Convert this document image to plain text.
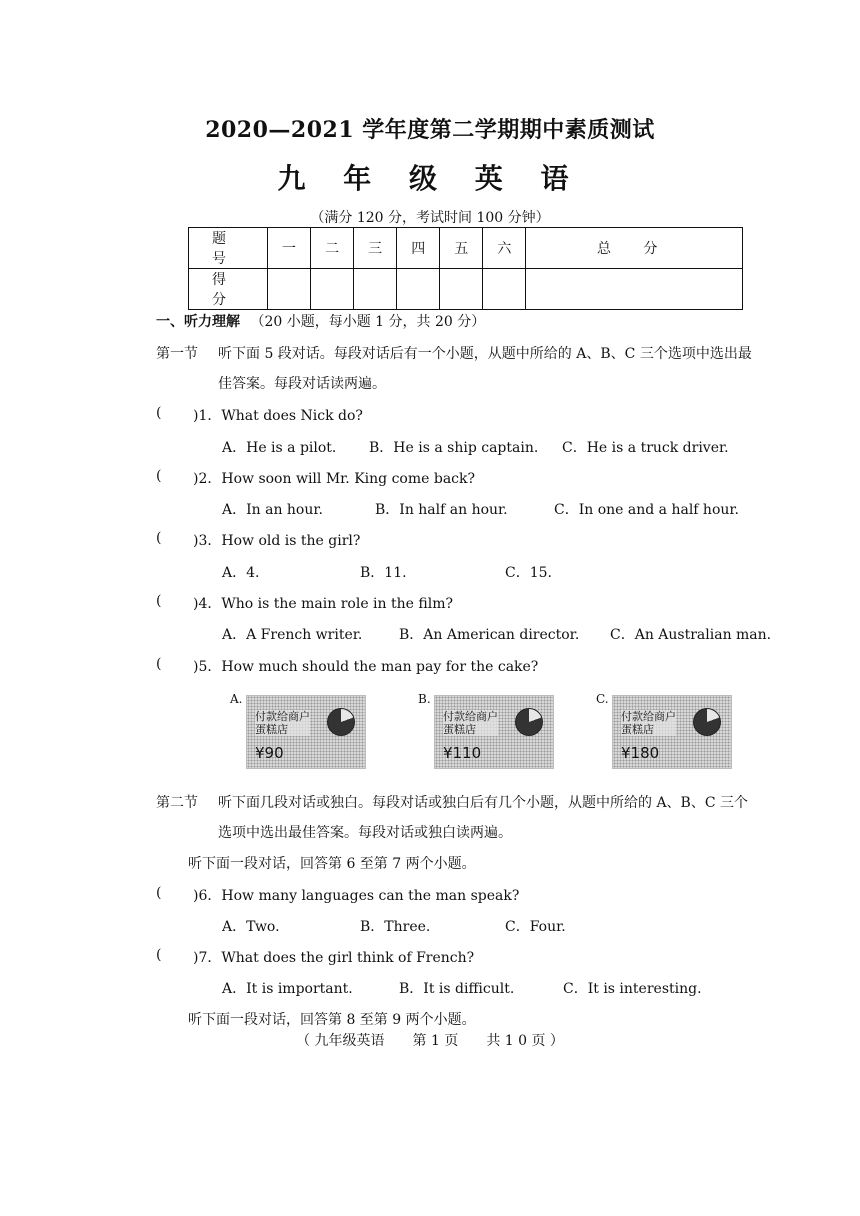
2020—2021 学年度第二学期期中素质测试
九 年 级 英 语
（满分 120 分，考试时间 100 分钟）
题 号	一	二	三	四	五	六	总 分
得 分							
一、听力理解 （20 小题，每小题 1 分，共 20 分）
第一节 听下面 5 段对话。每段对话后有一个小题，从题中所给的 A、B、C 三个选项中选出最
佳答案。每段对话读两遍。
( )1．What does Nick do?
A．He is a pilot. B．He is a ship captain. C．He is a truck driver.
( )2．How soon will Mr. King come back?
A．In an hour.	B．In half an hour.	C．In one and a half hour.
( )3．How old is the girl?
A．4.	B．11.	C．15.
( )4．Who is the main role in the film?
A．A French writer.	B．An American director. C．An Australian man.
( )5．How much should the man pay for the cake?
A.
付款给商户
蛋糕店
¥90
B.
付款给商户
蛋糕店
¥110
C.
付款给商户
蛋糕店
¥180
第二节 听下面几段对话或独白。每段对话或独白后有几个小题，从题中所给的 A、B、C 三个
选项中选出最佳答案。每段对话或独白读两遍。
听下面一段对话，回答第 6 至第 7 两个小题。
( )6．How many languages can the man speak?
A．Two.	B．Three.	C．Four.
( )7．What does the girl think of French?
A．It is important.	B．It is difficult.	C．It is interesting.
听下面一段对话，回答第 8 至第 9 两个小题。
（ 九年级英语　　第 1 页　　共 1 0 页 ）
